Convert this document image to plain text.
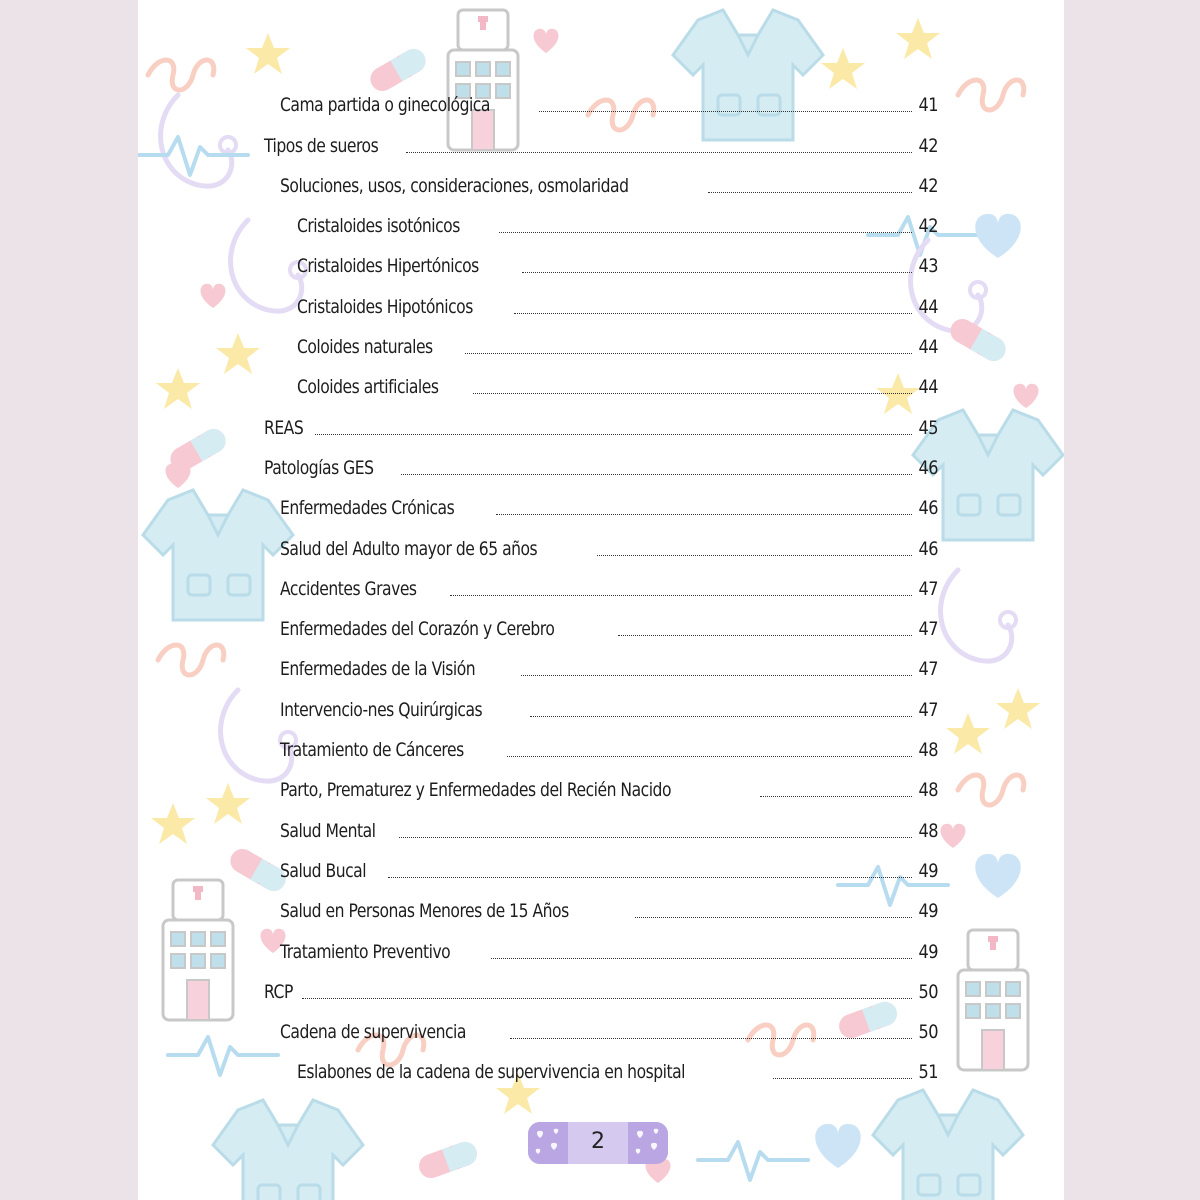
Cama partida o ginecológica	41
Tipos de sueros	42
Soluciones, usos, consideraciones, osmolaridad	42
Cristaloides isotónicos	42
Cristaloides Hipertónicos	43
Cristaloides Hipotónicos	44
Coloides naturales	44
Coloides artificiales	44
REAS	45
Patologías GES	46
Enfermedades Crónicas	46
Salud del Adulto mayor de 65 años	46
Accidentes Graves	47
Enfermedades del Corazón y Cerebro	47
Enfermedades de la Visión	47
Intervencio-nes Quirúrgicas	47
Tratamiento de Cánceres	48
Parto, Prematurez y Enfermedades del Recién Nacido	48
Salud Mental	48
Salud Bucal	49
Salud en Personas Menores de 15 Años	49
Tratamiento Preventivo	49
RCP	50
Cadena de supervivencia	50
Eslabones de la cadena de supervivencia en hospital	51
2
